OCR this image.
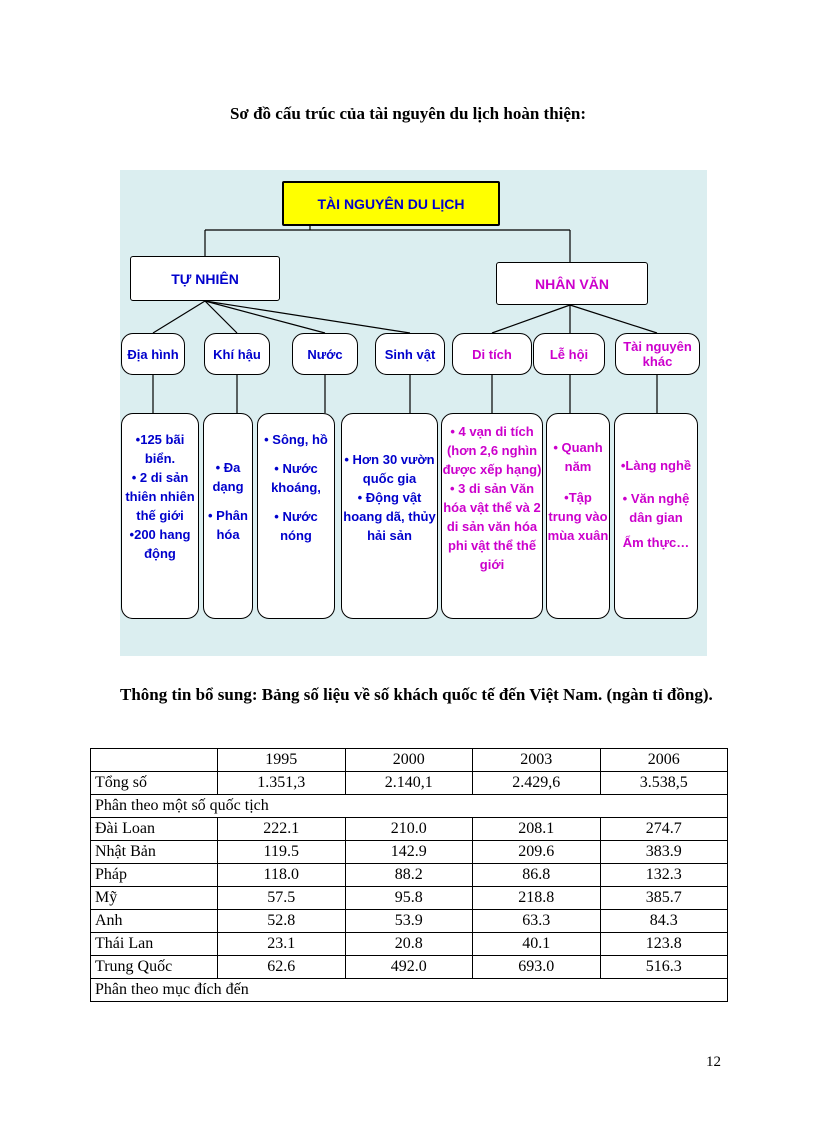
Sơ đồ cấu trúc của tài nguyên du lịch hoàn thiện:
TÀI NGUYÊN DU LỊCH
TỰ NHIÊN	NHÂN VĂN
Địa hình	Khí hậu	Nước	Sinh vật	Di tích	Lễ hội	Tài nguyên khác
•125 bãi biển.
• 2 di sản thiên nhiên thế giới
•200 hang động
• Đa dạng
• Phân hóa
• Sông, hồ
• Nước khoáng,
• Nước nóng
• Hơn 30 vườn quốc gia
• Động vật hoang dã, thủy hải sản
• 4 vạn di tích (hơn 2,6 nghìn được xếp hạng)
• 3 di sản Văn hóa vật thể và 2 di sản văn hóa phi vật thể thế giới
• Quanh năm
•Tập trung vào mùa xuân
•Làng nghề
• Văn nghệ dân gian
Ẩm thực…
Thông tin bổ sung: Bảng số liệu về số khách quốc tế đến Việt Nam. (ngàn tỉ đồng).
	1995	2000	2003	2006
Tổng số	1.351,3	2.140,1	2.429,6	3.538,5
Phân theo một số quốc tịch				
Đài Loan	222.1	210.0	208.1	274.7
Nhật Bản	119.5	142.9	209.6	383.9
Pháp	118.0	88.2	86.8	132.3
Mỹ	57.5	95.8	218.8	385.7
Anh	52.8	53.9	63.3	84.3
Thái Lan	23.1	20.8	40.1	123.8
Trung Quốc	62.6	492.0	693.0	516.3
Phân theo mục đích đến				
12
